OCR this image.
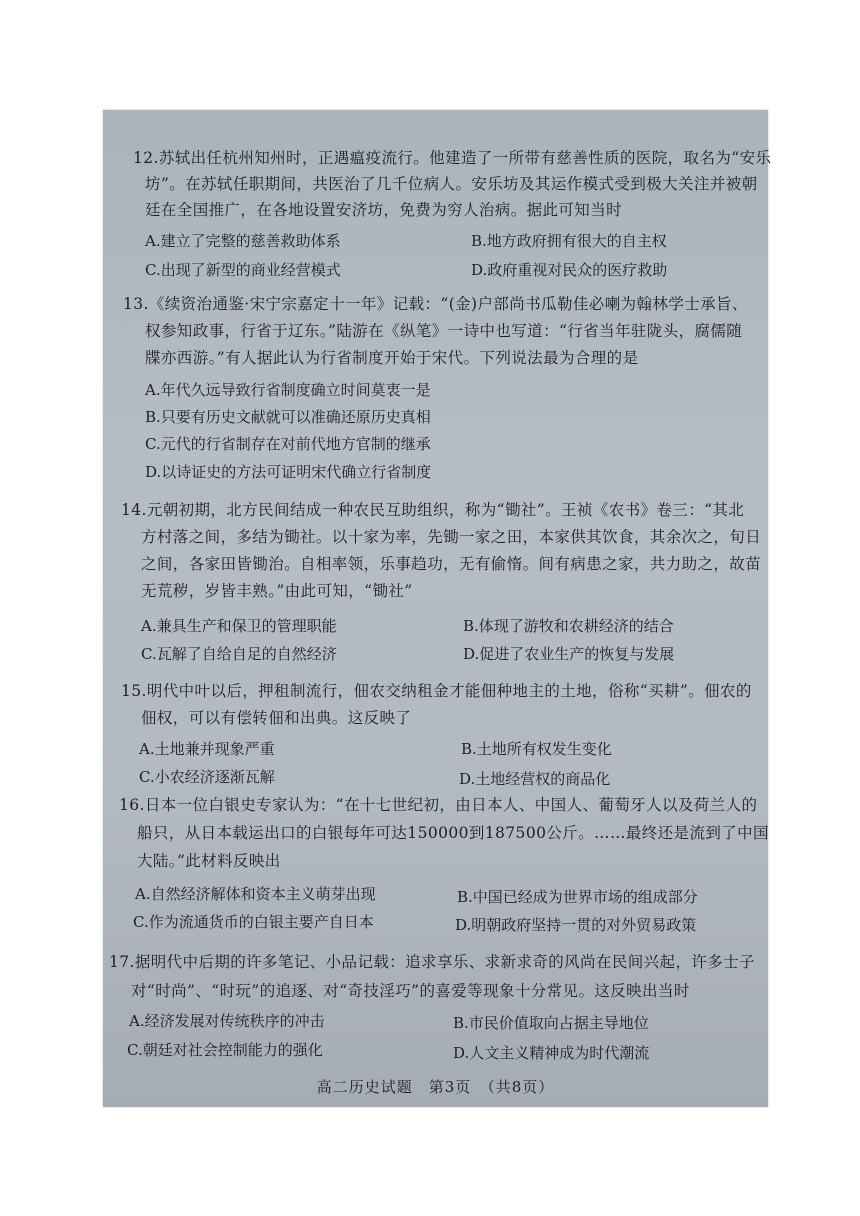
12.苏轼出任杭州知州时，正遇瘟疫流行。他建造了一所带有慈善性质的医院，取名为“安乐
坊”。在苏轼任职期间，共医治了几千位病人。安乐坊及其运作模式受到极大关注并被朝
廷在全国推广，在各地设置安济坊，免费为穷人治病。据此可知当时
A.建立了完整的慈善救助体系	B.地方政府拥有很大的自主权
C.出现了新型的商业经营模式	D.政府重视对民众的医疗救助
13.《续资治通鉴·宋宁宗嘉定十一年》记载：“(金)户部尚书瓜勒佳必喇为翰林学士承旨、
权参知政事，行省于辽东。”陆游在《纵笔》一诗中也写道：“行省当年驻陇头，腐儒随
牒亦西游。”有人据此认为行省制度开始于宋代。下列说法最为合理的是
A.年代久远导致行省制度确立时间莫衷一是
B.只要有历史文献就可以准确还原历史真相
C.元代的行省制存在对前代地方官制的继承
D.以诗证史的方法可证明宋代确立行省制度
14.元朝初期，北方民间结成一种农民互助组织，称为“锄社”。王祯《农书》卷三：“其北
方村落之间，多结为锄社。以十家为率，先锄一家之田，本家供其饮食，其余次之，旬日
之间，各家田皆锄治。自相率领，乐事趋功，无有偷惰。间有病患之家，共力助之，故苗
无荒秽，岁皆丰熟。”由此可知，“锄社”
A.兼具生产和保卫的管理职能	B.体现了游牧和农耕经济的结合
C.瓦解了自给自足的自然经济	D.促进了农业生产的恢复与发展
15.明代中叶以后，押租制流行，佃农交纳租金才能佃种地主的土地，俗称“买耕”。佃农的
佃权，可以有偿转佃和出典。这反映了
A.土地兼并现象严重	B.土地所有权发生变化
C.小农经济逐渐瓦解	D.土地经营权的商品化
16.日本一位白银史专家认为：“在十七世纪初，由日本人、中国人、葡萄牙人以及荷兰人的
船只，从日本载运出口的白银每年可达150000到187500公斤。……最终还是流到了中国
大陆。”此材料反映出
A.自然经济解体和资本主义萌芽出现	B.中国已经成为世界市场的组成部分
C.作为流通货币的白银主要产自日本	D.明朝政府坚持一贯的对外贸易政策
17.据明代中后期的许多笔记、小品记载：追求享乐、求新求奇的风尚在民间兴起，许多士子
对“时尚”、“时玩”的追逐、对“奇技淫巧”的喜爱等现象十分常见。这反映出当时
A.经济发展对传统秩序的冲击	B.市民价值取向占据主导地位
C.朝廷对社会控制能力的强化	D.人文主义精神成为时代潮流
高二历史试题　第3页　（共8页）
